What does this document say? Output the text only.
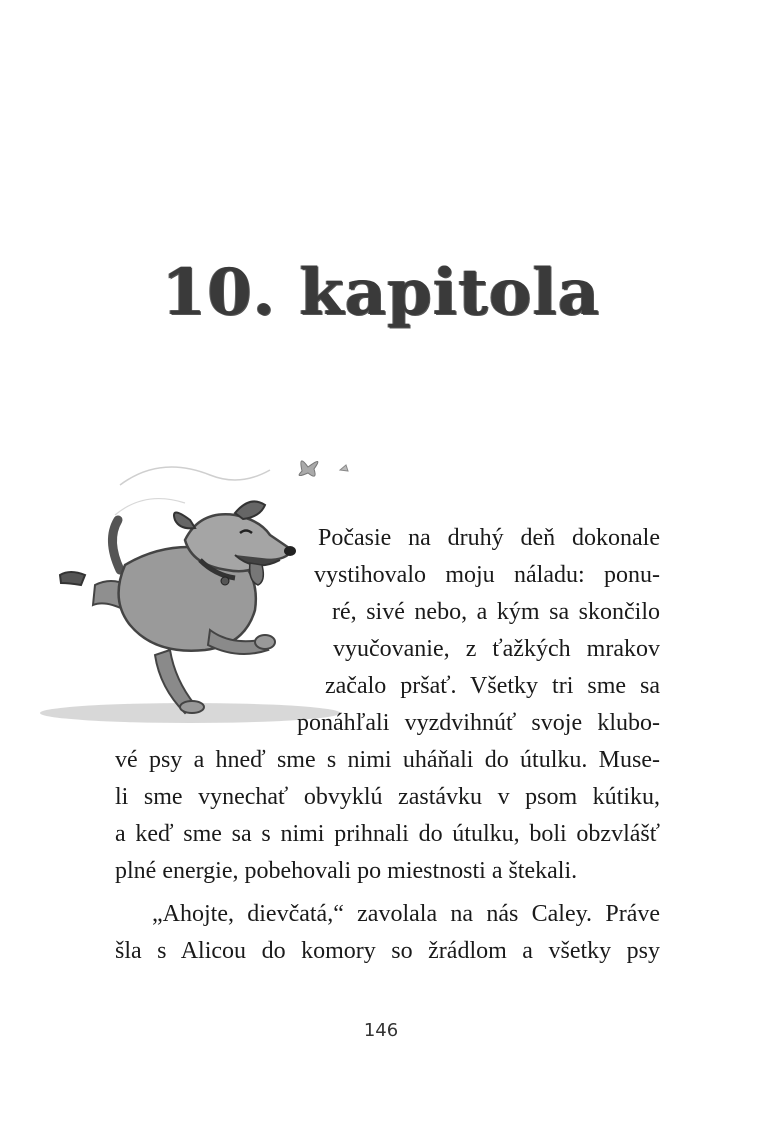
10. kapitola
Počasie na druhý deň dokonale
vystihovalo moju náladu: ponu-
ré, sivé nebo, a kým sa skončilo
vyučovanie, z ťažkých mrakov
začalo pršať. Všetky tri sme sa
ponáhľali vyzdvihnúť svoje klubo-
vé psy a hneď sme s nimi uháňali do útulku. Muse-
li sme vynechať obvyklú zastávku v psom kútiku,
a keď sme sa s nimi prihnali do útulku, boli obzvlášť
plné energie, pobehovali po miestnosti a štekali.
„Ahojte, dievčatá,“ zavolala na nás Caley. Práve
šla s Alicou do komory so žrádlom a všetky psy
146
